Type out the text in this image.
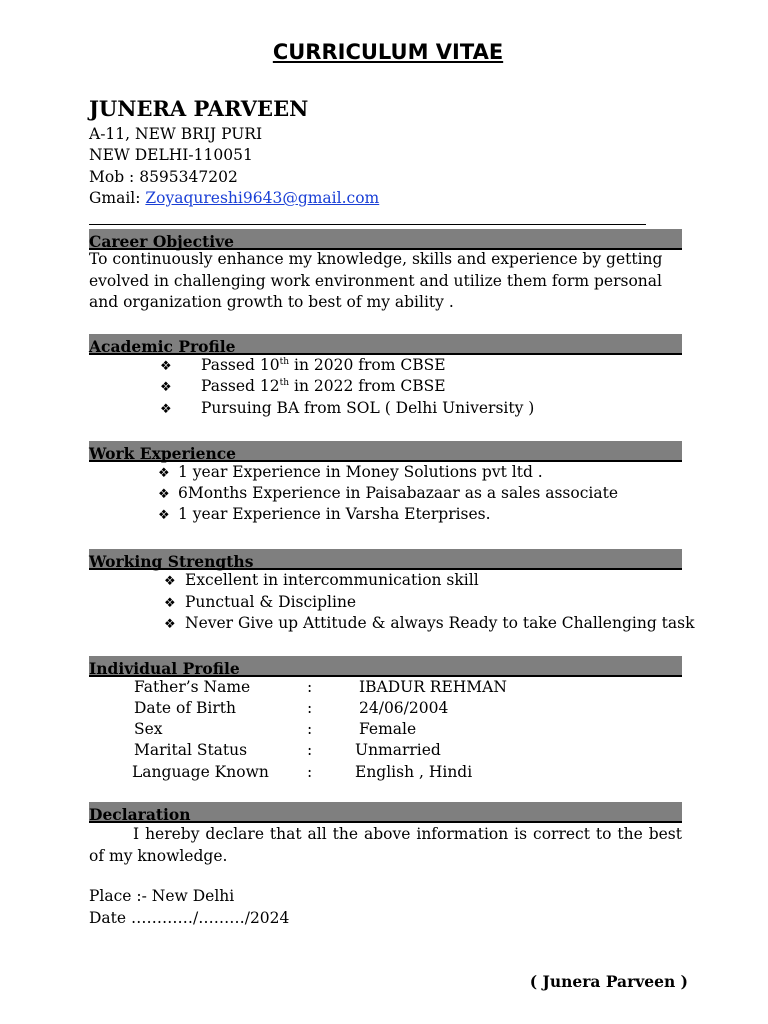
CURRICULUM VITAE
JUNERA PARVEEN
A-11, NEW BRIJ PURI
NEW DELHI-110051
Mob : 8595347202
Gmail: Zoyaqureshi9643@gmail.com
Career Objective
To continuously enhance my knowledge, skills and experience by getting evolved in challenging work environment and utilize them form personal and organization growth to best of my ability .
Academic Profile
❖ Passed 10th in 2020 from CBSE
❖ Passed 12th in 2022 from CBSE
❖ Pursuing BA from SOL ( Delhi University )
Work Experience
❖ 1 year Experience in Money Solutions pvt ltd .
❖ 6Months Experience in Paisabazaar as a sales associate
❖ 1 year Experience in Varsha Eterprises.
Working Strengths
❖ Excellent in intercommunication skill
❖ Punctual & Discipline
❖ Never Give up Attitude & always Ready to take Challenging task
Individual Profile
Father’s Name	:	IBADUR REHMAN
Date of Birth	:	24/06/2004
Sex	:	Female
Marital Status	:	Unmarried
Language Known :	English , Hindi
Declaration
I hereby declare that all the above information is correct to the best of my knowledge.
Place :- New Delhi
Date …………/………/2024
( Junera Parveen )
